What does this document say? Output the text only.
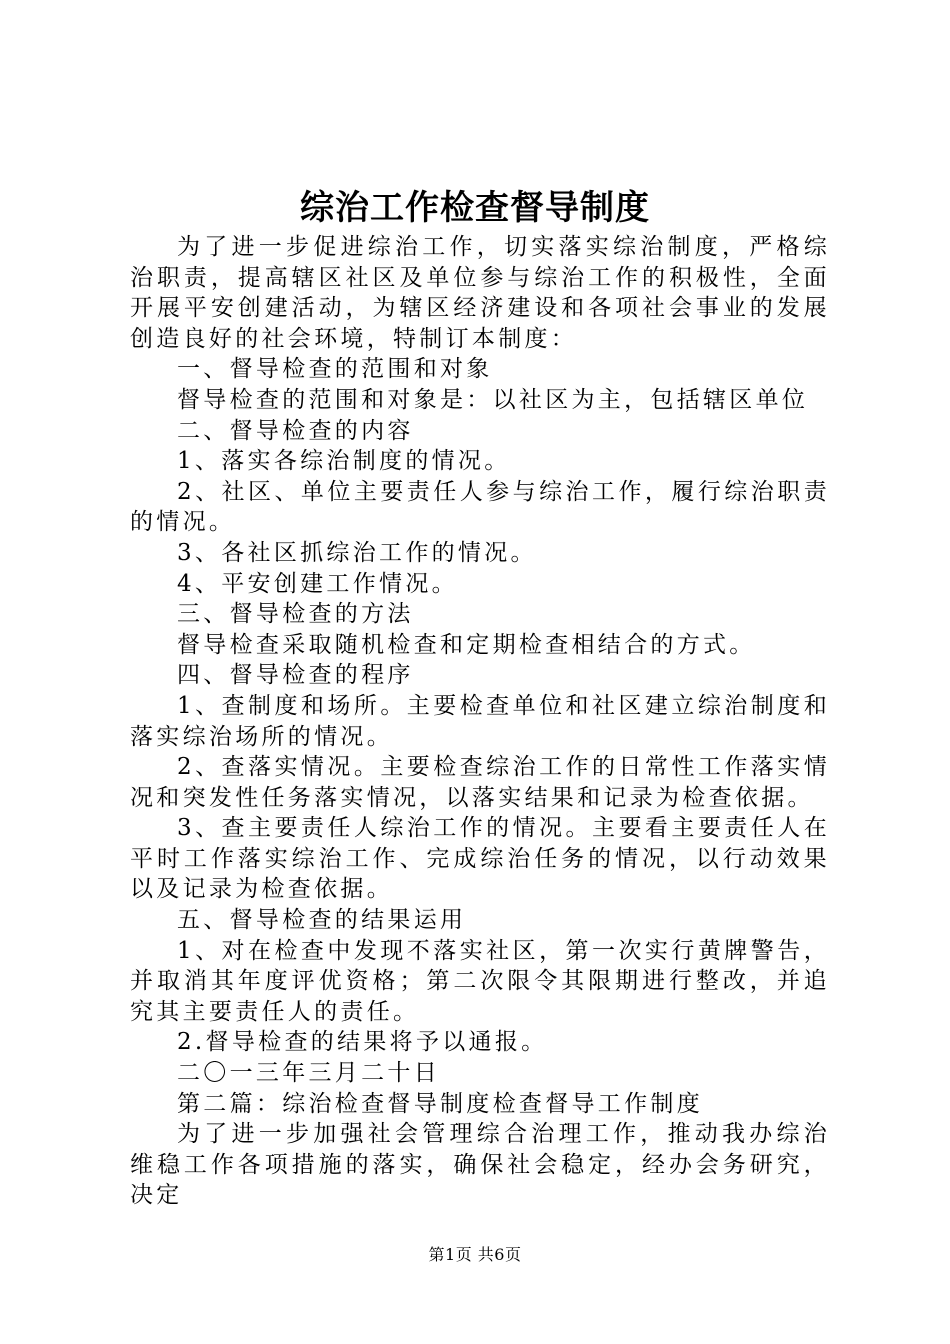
综治工作检查督导制度

为了进一步促进综治工作，切实落实综治制度，严格综治职责，提高辖区社区及单位参与综治工作的积极性，全面开展平安创建活动，为辖区经济建设和各项社会事业的发展创造良好的社会环境，特制订本制度：

一、督导检查的范围和对象

督导检查的范围和对象是：以社区为主，包括辖区单位

二、督导检查的内容

1、落实各综治制度的情况。

2、社区、单位主要责任人参与综治工作，履行综治职责的情况。

3、各社区抓综治工作的情况。

4、平安创建工作情况。

三、督导检查的方法

督导检查采取随机检查和定期检查相结合的方式。

四、督导检查的程序

1、查制度和场所。主要检查单位和社区建立综治制度和落实综治场所的情况。

2、查落实情况。主要检查综治工作的日常性工作落实情况和突发性任务落实情况，以落实结果和记录为检查依据。

3、查主要责任人综治工作的情况。主要看主要责任人在平时工作落实综治工作、完成综治任务的情况，以行动效果以及记录为检查依据。

五、督导检查的结果运用

1、对在检查中发现不落实社区，第一次实行黄牌警告，并取消其年度评优资格；第二次限令其限期进行整改，并追究其主要责任人的责任。

2.督导检查的结果将予以通报。

二〇一三年三月二十日

第二篇：综治检查督导制度检查督导工作制度

为了进一步加强社会管理综合治理工作，推动我办综治维稳工作各项措施的落实，确保社会稳定，经办会务研究，决定

第1页 共6页
